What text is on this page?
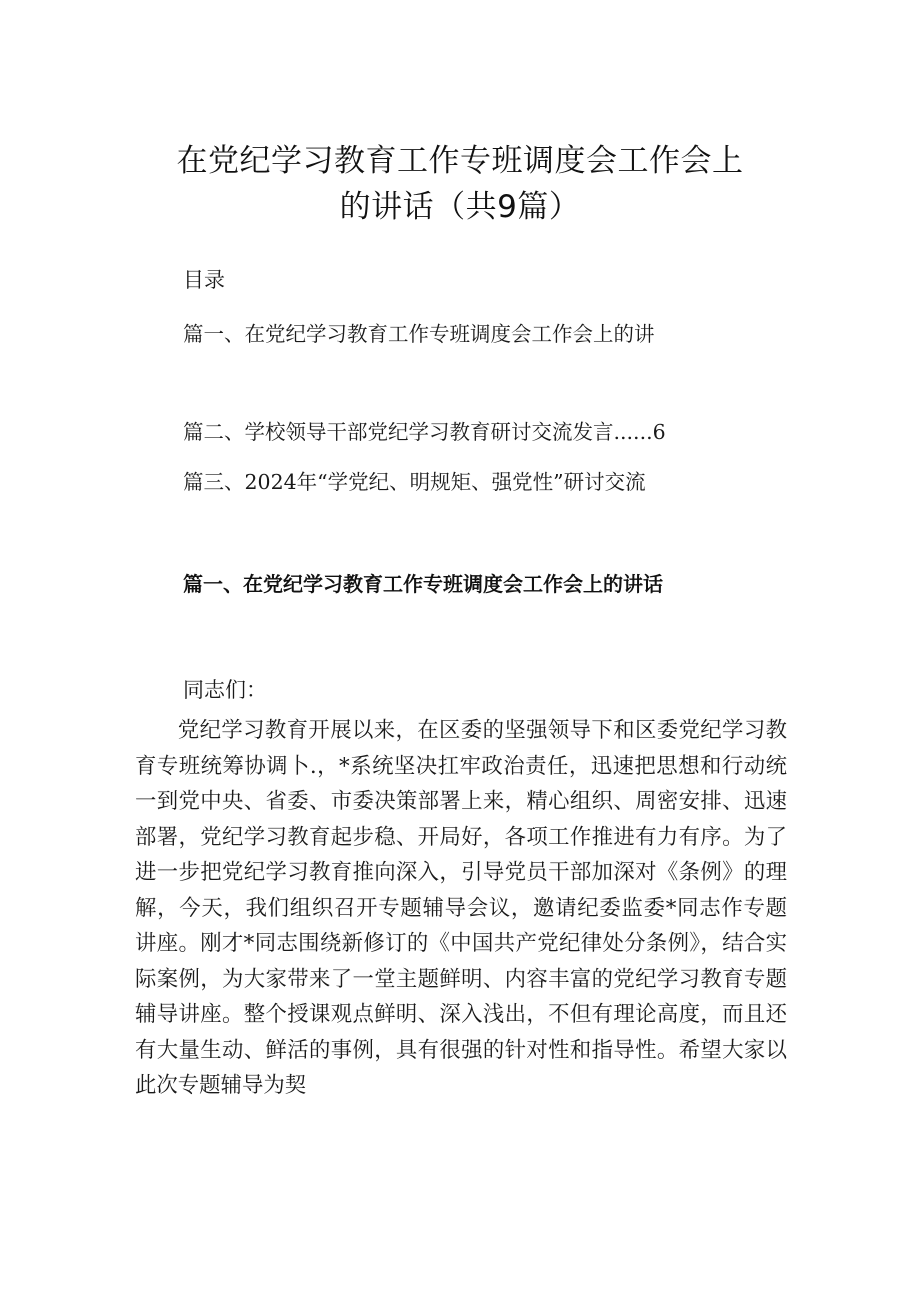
在党纪学习教育工作专班调度会工作会上
的讲话（共9篇）
目录
篇一、在党纪学习教育工作专班调度会工作会上的讲
篇二、学校领导干部党纪学习教育研讨交流发言......6
篇三、2024年“学党纪、明规矩、强党性”研讨交流
篇一、在党纪学习教育工作专班调度会工作会上的讲话
同志们：

党纪学习教育开展以来，在区委的坚强领导下和区委党纪学习教育专班统筹协调卜.，*系统坚决扛牢政治责任，迅速把思想和行动统一到党中央、省委、市委决策部署上来，精心组织、周密安排、迅速部署，党纪学习教育起步稳、开局好，各项工作推进有力有序。为了进一步把党纪学习教育推向深入，引导党员干部加深对《条例》的理解，今天，我们组织召开专题辅导会议，邀请纪委监委*同志作专题讲座。刚才*同志围绕新修订的《中国共产党纪律处分条例》，结合实际案例，为大家带来了一堂主题鲜明、内容丰富的党纪学习教育专题辅导讲座。整个授课观点鲜明、深入浅出，不但有理论高度，而且还有大量生动、鲜活的事例，具有很强的针对性和指导性。希望大家以此次专题辅导为契
